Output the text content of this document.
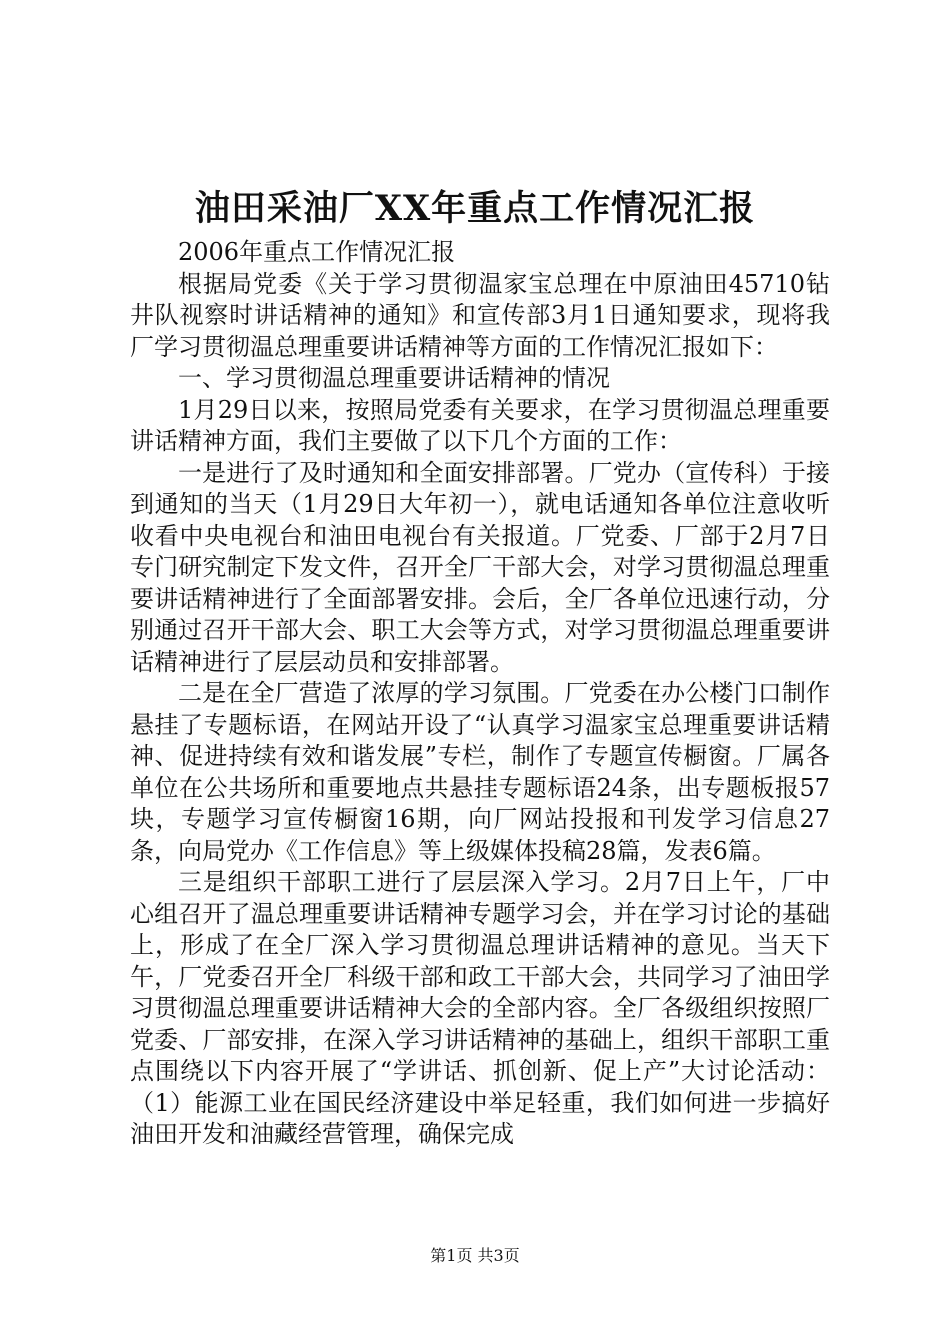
油田采油厂XX年重点工作情况汇报

2006年重点工作情况汇报

根据局党委《关于学习贯彻温家宝总理在中原油田45710钻井队视察时讲话精神的通知》和宣传部3月1日通知要求，现将我厂学习贯彻温总理重要讲话精神等方面的工作情况汇报如下：

一、学习贯彻温总理重要讲话精神的情况

1月29日以来，按照局党委有关要求，在学习贯彻温总理重要讲话精神方面，我们主要做了以下几个方面的工作：

一是进行了及时通知和全面安排部署。厂党办（宣传科）于接到通知的当天（1月29日大年初一），就电话通知各单位注意收听收看中央电视台和油田电视台有关报道。厂党委、厂部于2月7日专门研究制定下发文件，召开全厂干部大会，对学习贯彻温总理重要讲话精神进行了全面部署安排。会后，全厂各单位迅速行动，分别通过召开干部大会、职工大会等方式，对学习贯彻温总理重要讲话精神进行了层层动员和安排部署。

二是在全厂营造了浓厚的学习氛围。厂党委在办公楼门口制作悬挂了专题标语，在网站开设了“认真学习温家宝总理重要讲话精神、促进持续有效和谐发展”专栏，制作了专题宣传橱窗。厂属各单位在公共场所和重要地点共悬挂专题标语24条，出专题板报57块，专题学习宣传橱窗16期，向厂网站投报和刊发学习信息27条，向局党办《工作信息》等上级媒体投稿28篇，发表6篇。

三是组织干部职工进行了层层深入学习。2月7日上午，厂中心组召开了温总理重要讲话精神专题学习会，并在学习讨论的基础上，形成了在全厂深入学习贯彻温总理讲话精神的意见。当天下午，厂党委召开全厂科级干部和政工干部大会，共同学习了油田学习贯彻温总理重要讲话精神大会的全部内容。全厂各级组织按照厂党委、厂部安排，在深入学习讲话精神的基础上，组织干部职工重点围绕以下内容开展了“学讲话、抓创新、促上产”大讨论活动：（1）能源工业在国民经济建设中举足轻重，我们如何进一步搞好油田开发和油藏经营管理，确保完成

第1页 共3页
